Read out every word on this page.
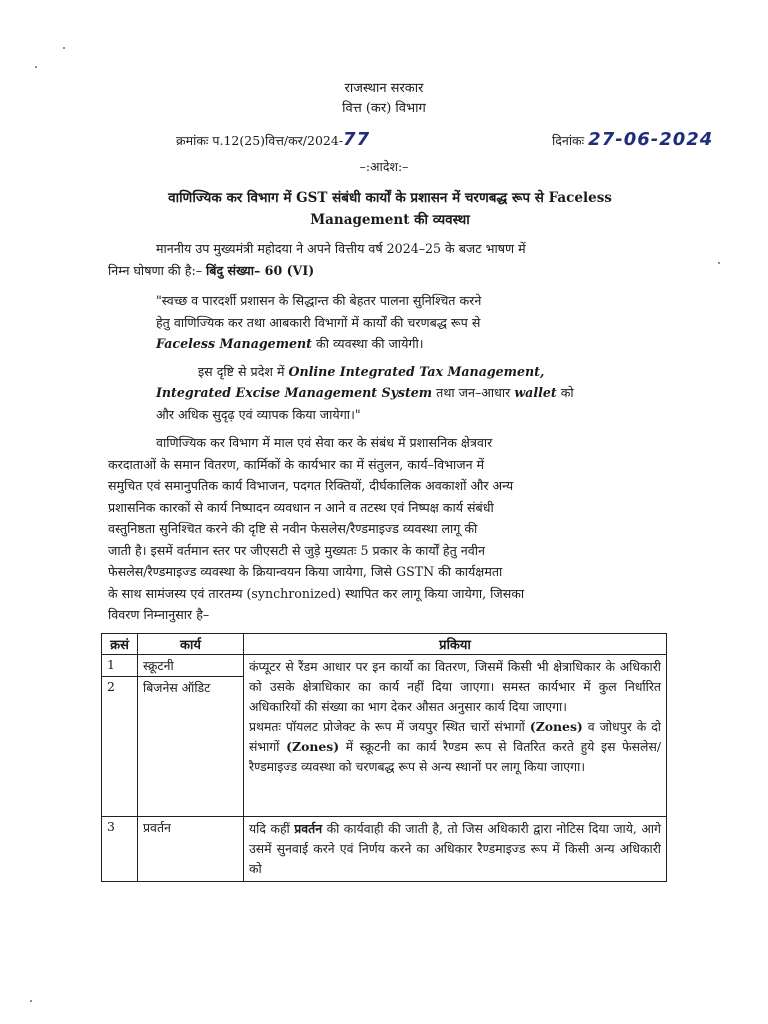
राजस्थान सरकार
वित्त (कर) विभाग
क्रमांकः प.12(25)वित्त/कर/2024-77	दिनांकः 27-06-2024
–:आदेश:–
वाणिज्यिक कर विभाग में GST संबंधी कार्यों के प्रशासन में चरणबद्ध रूप से Faceless
Management की व्यवस्था
माननीय उप मुख्यमंत्री महोदया ने अपने वित्तीय वर्ष 2024–25 के बजट भाषण में
निम्न घोषणा की है:– बिंदु संख्या– 60 (VI)
"स्वच्छ व पारदर्शी प्रशासन के सिद्धान्त की बेहतर पालना सुनिश्चित करने
हेतु वाणिज्यिक कर तथा आबकारी विभागों में कार्यों की चरणबद्ध रूप से
Faceless Management की व्यवस्था की जायेगी।
इस दृष्टि से प्रदेश में Online Integrated Tax Management,
Integrated Excise Management System तथा जन–आधार wallet को
और अधिक सुदृढ़ एवं व्यापक किया जायेगा।"
वाणिज्यिक कर विभाग में माल एवं सेवा कर के संबंध में प्रशासनिक क्षेत्रवार
करदाताओं के समान वितरण, कार्मिकों के कार्यभार का में संतुलन, कार्य–विभाजन में
समुचित एवं समानुपतिक कार्य विभाजन, पदगत रिक्तियों, दीर्घकालिक अवकाशों और अन्य
प्रशासनिक कारकों से कार्य निष्पादन व्यवधान न आने व तटस्थ एवं निष्पक्ष कार्य संबंधी
वस्तुनिष्ठता सुनिश्चित करने की दृष्टि से नवीन फेसलेस/रैण्डमाइज्ड व्यवस्था लागू की
जाती है। इसमें वर्तमान स्तर पर जीएसटी से जुड़े मुख्यतः 5 प्रकार के कार्यों हेतु नवीन
फेसलेस/रैण्डमाइज्ड व्यवस्था के क्रियान्वयन किया जायेगा, जिसे GSTN की कार्यक्षमता
के साथ सामंजस्य एवं तारतम्य (synchronized) स्थापित कर लागू किया जायेगा, जिसका
विवरण निम्नानुसार है–
क्रसं	कार्य	प्रकिया
1	स्क्रूटनी	कंप्यूटर से रैंडम आधार पर इन कार्यो का वितरण, जिसमें किसी भी क्षेत्राधिकार के अधिकारी को उसके क्षेत्राधिकार का कार्य नहीं दिया जाएगा। समस्त कार्यभार में कुल निर्धारित अधिकारियों की संख्या का भाग देकर औसत अनुसार कार्य दिया जाएगा।
प्रथमतः पॉयलट प्रोजेक्ट के रूप में जयपुर स्थित चारों संभागों (Zones) व जोधपुर के दो संभागों (Zones) में स्क्रूटनी का कार्य रैण्डम रूप से वितरित करते हुये इस फेसलेस/रैण्डमाइज्ड व्यवस्था को चरणबद्ध रूप से अन्य स्थानों पर लागू किया जाएगा।

2	बिजनेस ऑडिट	
3	प्रवर्तन	यदि कहीं प्रवर्तन की कार्यवाही की जाती है, तो जिस अधिकारी द्वारा नोटिस दिया जाये, आगे उसमें सुनवाई करने एवं निर्णय करने का अधिकार रैण्डमाइज्ड रूप में किसी अन्य अधिकारी को
